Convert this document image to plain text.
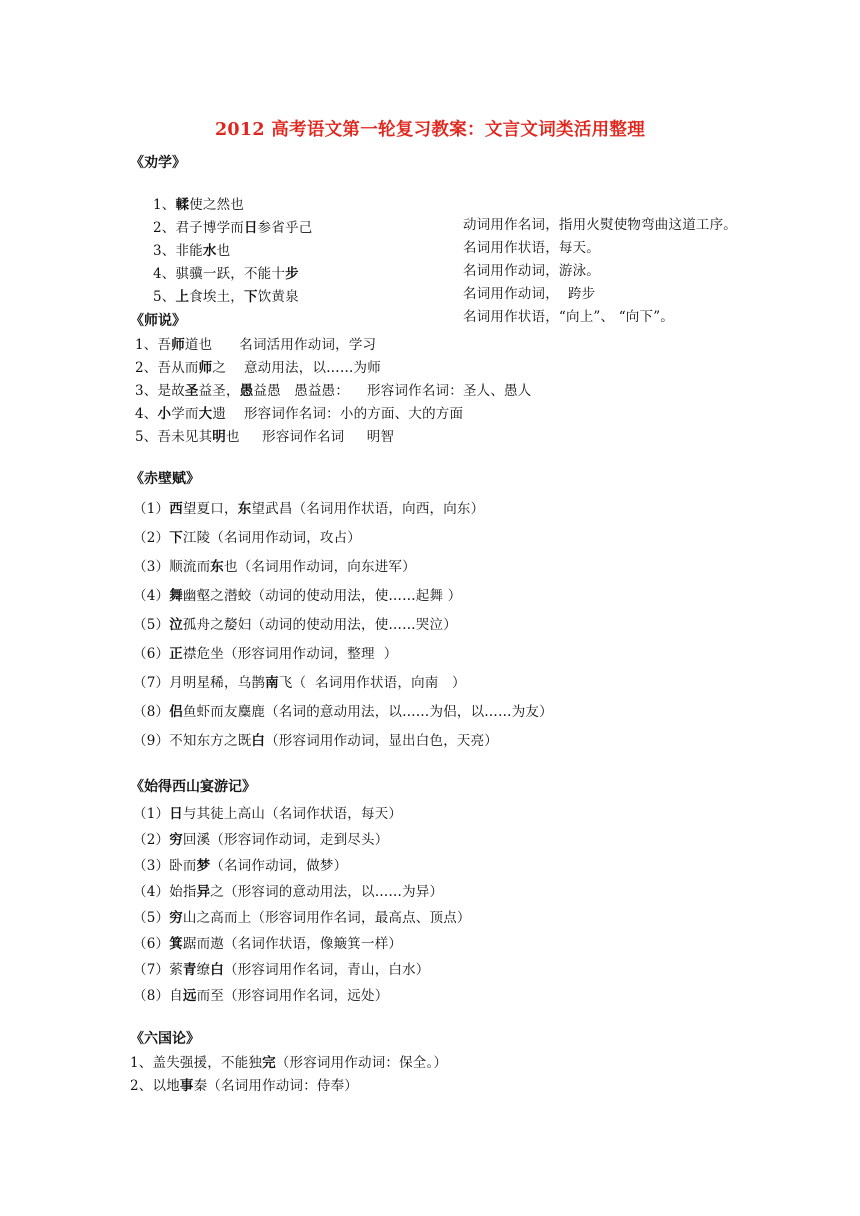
2012 高考语文第一轮复习教案：文言文词类活用整理
《劝学》

1、輮使之然也

动词用作名词，指用火熨使物弯曲这道工序。

2、君子博学而日参省乎己

名词用作状语，每天。

3、非能水也

名词用作动词，游泳。

4、骐骥一跃，不能十步

名词用作动词，  跨步

5、上食埃土，下饮黄泉

名词用作状语，“向上”、 “向下”。

《师说》
1、吾师道也      名词活用作动词，学习
2、吾从而师之    意动用法，以……为师
3、是故圣益圣，愚益愚   愚益愚：    形容词作名词：圣人、愚人
4、小学而大遗    形容词作名词：小的方面、大的方面
5、吾未见其明也     形容词作名词     明智
《赤壁赋》
（1）西望夏口，东望武昌（名词用作状语，向西，向东）
（2）下江陵（名词用作动词，攻占）
（3）顺流而东也（名词用作动词，向东进军）
（4）舞幽壑之潜蛟（动词的使动用法，使……起舞 ）
（5）泣孤舟之嫠妇（动词的使动用法，使……哭泣）
（6）正襟危坐（形容词用作动词，整理  ）
（7）月明星稀，乌鹊南飞（  名词用作状语，向南   ）
（8）侣鱼虾而友麋鹿（名词的意动用法，以……为侣，以……为友）
（9）不知东方之既白（形容词用作动词，显出白色，天亮）
《始得西山宴游记》
（1）日与其徒上高山（名词作状语，每天）
（2）穷回溪（形容词作动词，走到尽头）
（3）卧而梦（名词作动词，做梦）
（4）始指异之（形容词的意动用法，以……为异）
（5）穷山之高而上（形容词用作名词，最高点、顶点）
（6）箕踞而遨（名词作状语，像簸箕一样）
（7）萦青缭白（形容词用作名词，青山，白水）
（8）自远而至（形容词用作名词，远处）
《六国论》
1、盖失强援，不能独完（形容词用作动词：保全。）
2、以地事秦（名词用作动词：侍奉）
